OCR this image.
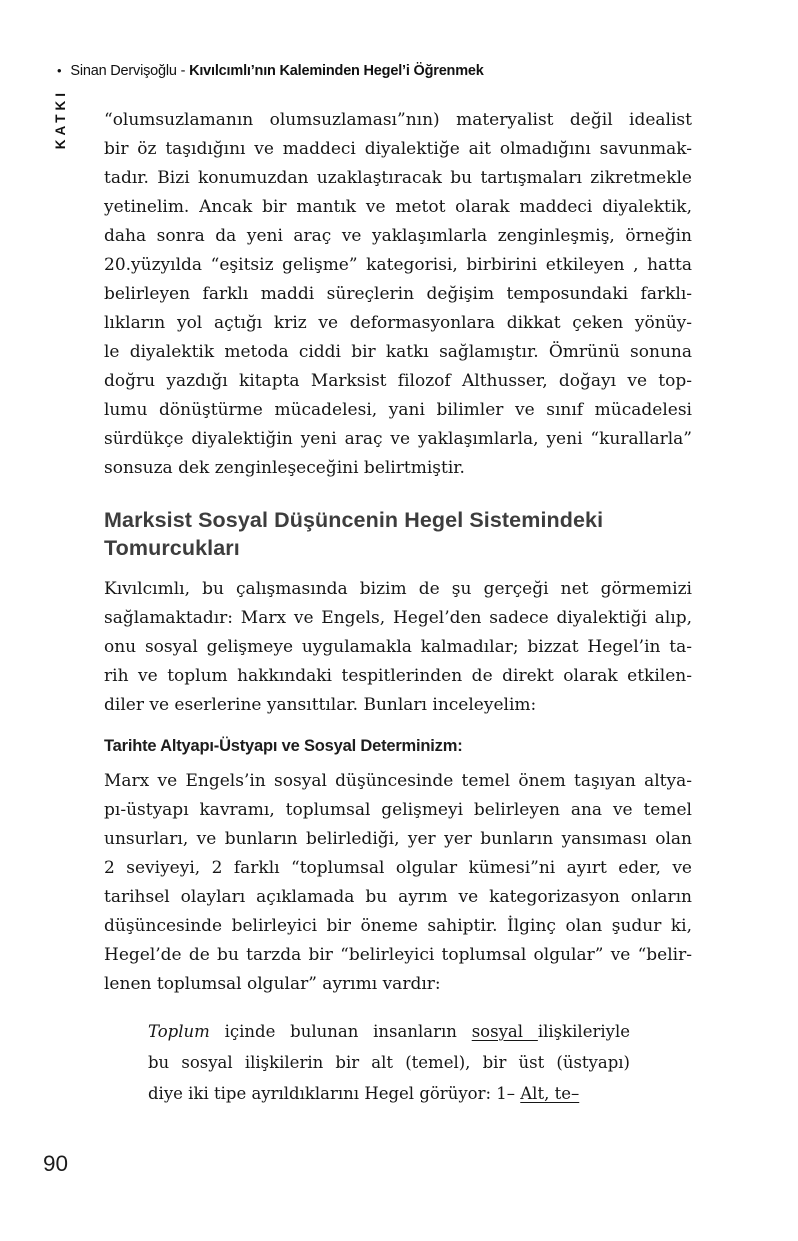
• Sinan Dervişoğlu - Kıvılcımlı’nın Kaleminden Hegel’i Öğrenmek
KATKI “olumsuzlamanın olumsuzlaması”nın) materyalist değil idealist
bir öz taşıdığını ve maddeci diyalektiğe ait olmadığını savunmak-
tadır. Bizi konumuzdan uzaklaştıracak bu tartışmaları zikretmekle
yetinelim. Ancak bir mantık ve metot olarak maddeci diyalektik,
daha sonra da yeni araç ve yaklaşımlarla zenginleşmiş, örneğin
20.yüzyılda “eşitsiz gelişme” kategorisi, birbirini etkileyen , hatta
belirleyen farklı maddi süreçlerin değişim temposundaki farklı-
lıkların yol açtığı kriz ve deformasyonlara dikkat çeken yönüy-
le diyalektik metoda ciddi bir katkı sağlamıştır. Ömrünü sonuna
doğru yazdığı kitapta Marksist filozof Althusser, doğayı ve top-
lumu dönüştürme mücadelesi, yani bilimler ve sınıf mücadelesi
sürdükçe diyalektiğin yeni araç ve yaklaşımlarla, yeni “kurallarla”
sonsuza dek zenginleşeceğini belirtmiştir.
Marksist Sosyal Düşüncenin Hegel Sistemindeki
Tomurcukları
Kıvılcımlı, bu çalışmasında bizim de şu gerçeği net görmemizi
sağlamaktadır: Marx ve Engels, Hegel’den sadece diyalektiği alıp,
onu sosyal gelişmeye uygulamakla kalmadılar; bizzat Hegel’in ta-
rih ve toplum hakkındaki tespitlerinden de direkt olarak etkilen-
diler ve eserlerine yansıttılar. Bunları inceleyelim:
Tarihte Altyapı-Üstyapı ve Sosyal Determinizm:
Marx ve Engels’in sosyal düşüncesinde temel önem taşıyan altya-
pı-üstyapı kavramı, toplumsal gelişmeyi belirleyen ana ve temel
unsurları, ve bunların belirlediği, yer yer bunların yansıması olan
2 seviyeyi, 2 farklı “toplumsal olgular kümesi”ni ayırt eder, ve
tarihsel olayları açıklamada bu ayrım ve kategorizasyon onların
düşüncesinde belirleyici bir öneme sahiptir. İlginç olan şudur ki,
Hegel’de de bu tarzda bir “belirleyici toplumsal olgular” ve “belir-
lenen toplumsal olgular” ayrımı vardır:
Toplum içinde bulunan insanların sosyal ilişkileriyle
bu sosyal ilişkilerin bir alt (temel), bir üst (üstyapı)
diye iki tipe ayrıldıklarını Hegel görüyor: 1– Alt, te–
90
